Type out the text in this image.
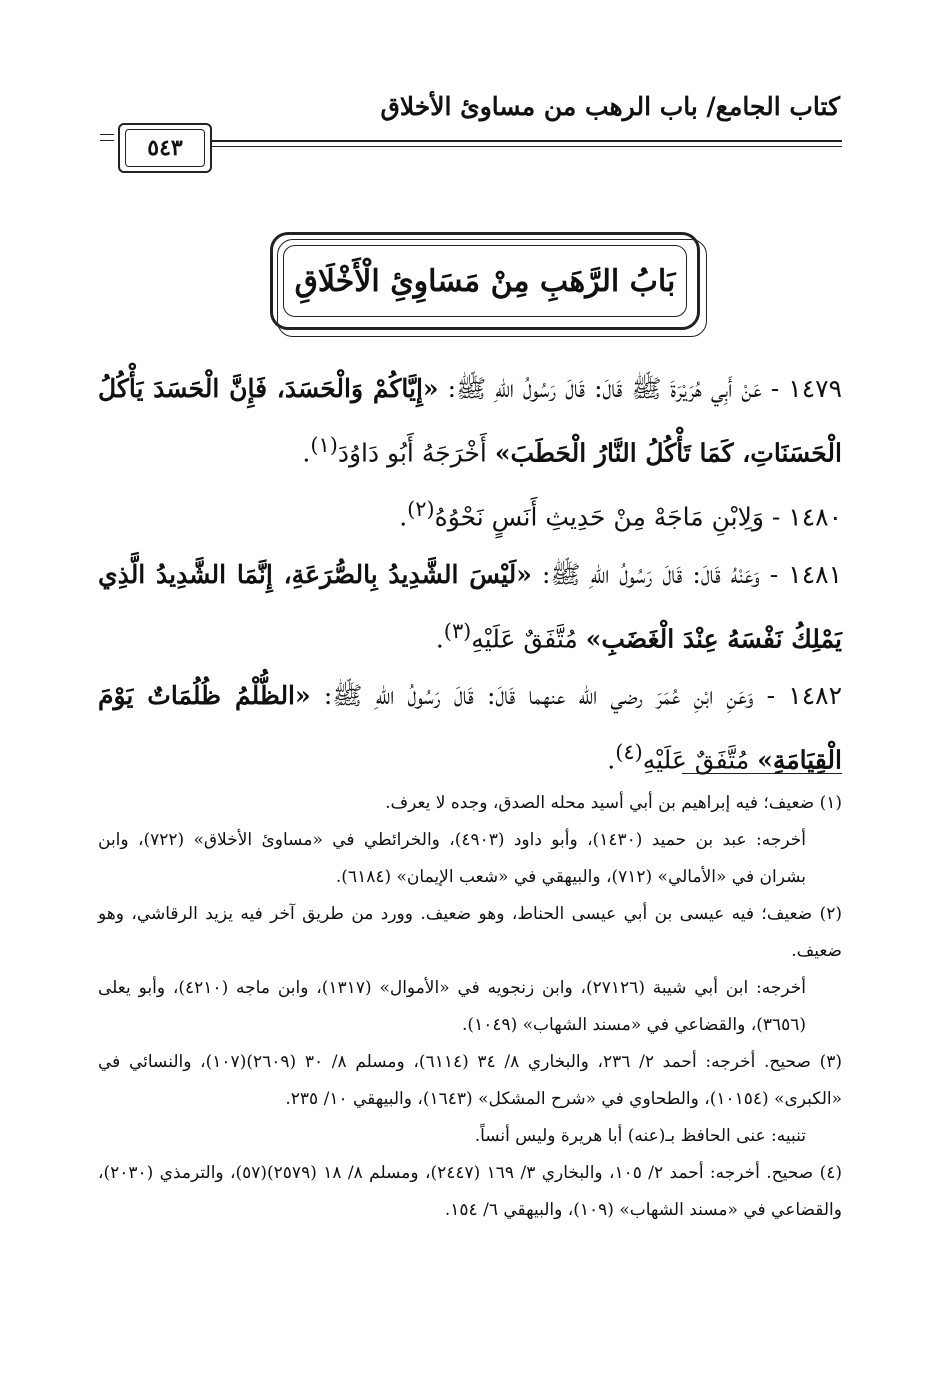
كتاب الجامع/ باب الرهب من مساوئ الأخلاق
٥٤٣
بَابُ الرَّهَبِ مِنْ مَسَاوِئِ الْأَخْلَاقِ

١٤٧٩ - عَنْ أَبِي هُرَيْرَةَ ﷺ قَالَ: قَالَ رَسُولُ اللهِ ﷺ: «إِيَّاكُمْ وَالْحَسَدَ، فَإِنَّ الْحَسَدَ يَأْكُلُ الْحَسَنَاتِ، كَمَا تَأْكُلُ النَّارُ الْحَطَبَ» أَخْرَجَهُ أَبُو دَاوُدَ$^{(١)}$.

١٤٨٠ - وَلِابْنِ مَاجَهْ مِنْ حَدِيثِ أَنَسٍ نَحْوُهُ$^{(٢)}$.

١٤٨١ - وَعَنْهُ قَالَ: قَالَ رَسُولُ اللهِ ﷺ: «لَيْسَ الشَّدِيدُ بِالصُّرَعَةِ، إِنَّمَا الشَّدِيدُ الَّذِي يَمْلِكُ نَفْسَهُ عِنْدَ الْغَضَبِ» مُتَّفَقٌ عَلَيْهِ$^{(٣)}$.

١٤٨٢ - وَعَنِ ابْنِ عُمَرَ رضي الله عنهما قَالَ: قَالَ رَسُولُ اللهِ ﷺ: «الظُّلْمُ ظُلُمَاتٌ يَوْمَ الْقِيَامَةِ» مُتَّفَقٌ عَلَيْهِ$^{(٤)}$.

(١) ضعيف؛ فيه إبراهيم بن أبي أسيد محله الصدق، وجده لا يعرف.

أخرجه: عبد بن حميد (١٤٣٠)، وأبو داود (٤٩٠٣)، والخرائطي في «مساوئ الأخلاق» (٧٢٢)، وابن بشران في «الأمالي» (٧١٢)، والبيهقي في «شعب الإيمان» (٦١٨٤).

(٢) ضعيف؛ فيه عيسى بن أبي عيسى الحناط، وهو ضعيف. وورد من طريق آخر فيه يزيد الرقاشي، وهو ضعيف.

أخرجه: ابن أبي شيبة (٢٧١٢٦)، وابن زنجويه في «الأموال» (١٣١٧)، وابن ماجه (٤٢١٠)، وأبو يعلى (٣٦٥٦)، والقضاعي في «مسند الشهاب» (١٠٤٩).

(٣) صحيح. أخرجه: أحمد ٢/ ٢٣٦، والبخاري ٨/ ٣٤ (٦١١٤)، ومسلم ٨/ ٣٠ (٢٦٠٩)(١٠٧)، والنسائي في «الكبرى» (١٠١٥٤)، والطحاوي في «شرح المشكل» (١٦٤٣)، والبيهقي ١٠/ ٢٣٥.

تنبيه: عنى الحافظ بـ(عنه) أبا هريرة وليس أنساً.

(٤) صحيح. أخرجه: أحمد ٢/ ١٠٥، والبخاري ٣/ ١٦٩ (٢٤٤٧)، ومسلم ٨/ ١٨ (٢٥٧٩)(٥٧)، والترمذي (٢٠٣٠)، والقضاعي في «مسند الشهاب» (١٠٩)، والبيهقي ٦/ ١٥٤.
